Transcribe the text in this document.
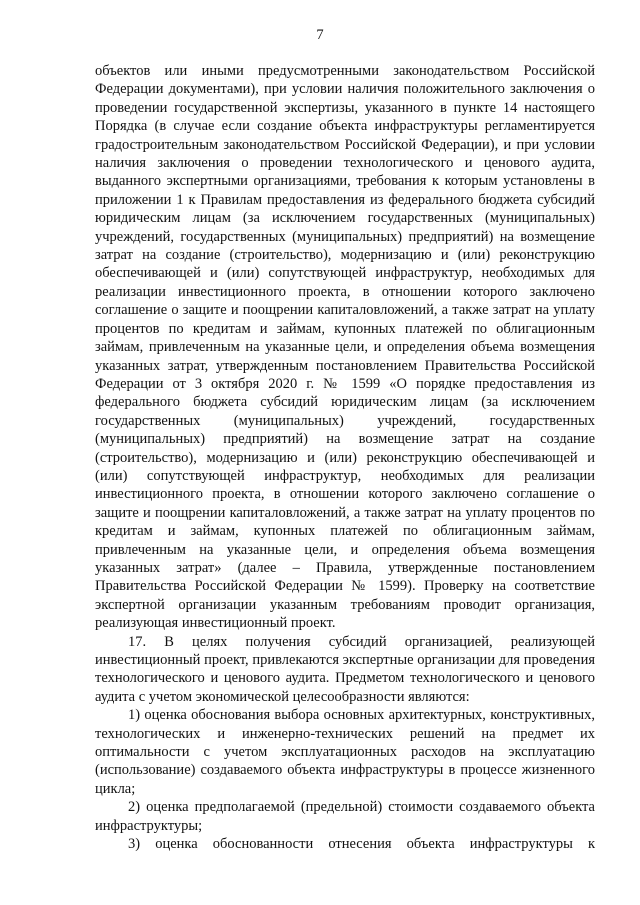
7

объектов или иными предусмотренными законодательством Российской Федерации документами), при условии наличия положительного заключения о проведении государственной экспертизы, указанного в пункте 14 настоящего Порядка (в случае если создание объекта инфраструктуры регламентируется градостроительным законодательством Российской Федерации), и при условии наличия заключения о проведении технологического и ценового аудита, выданного экспертными организациями, требования к которым установлены в приложении 1 к Правилам предоставления из федерального бюджета субсидий юридическим лицам (за исключением государственных (муниципальных) учреждений, государственных (муниципальных) предприятий) на возмещение затрат на создание (строительство), модернизацию и (или) реконструкцию обеспечивающей и (или) сопутствующей инфраструктур, необходимых для реализации инвестиционного проекта, в отношении которого заключено соглашение о защите и поощрении капиталовложений, а также затрат на уплату процентов по кредитам и займам, купонных платежей по облигационным займам, привлеченным на указанные цели, и определения объема возмещения указанных затрат, утвержденным постановлением Правительства Российской Федерации от 3 октября 2020 г. № 1599 «О порядке предоставления из федерального бюджета субсидий юридическим лицам (за исключением государственных (муниципальных) учреждений, государственных (муниципальных) предприятий) на возмещение затрат на создание (строительство), модернизацию и (или) реконструкцию обеспечивающей и (или) сопутствующей инфраструктур, необходимых для реализации инвестиционного проекта, в отношении которого заключено соглашение о защите и поощрении капиталовложений, а также затрат на уплату процентов по кредитам и займам, купонных платежей по облигационным займам, привлеченным на указанные цели, и определения объема возмещения указанных затрат» (далее – Правила, утвержденные постановлением Правительства Российской Федерации № 1599). Проверку на соответствие экспертной организации указанным требованиям проводит организация, реализующая инвестиционный проект.

17. В целях получения субсидий организацией, реализующей инвестиционный проект, привлекаются экспертные организации для проведения технологического и ценового аудита. Предметом технологического и ценового аудита с учетом экономической целесообразности являются:

1) оценка обоснования выбора основных архитектурных, конструктивных, технологических и инженерно-технических решений на предмет их оптимальности с учетом эксплуатационных расходов на эксплуатацию (использование) создаваемого объекта инфраструктуры в процессе жизненного цикла;

2) оценка предполагаемой (предельной) стоимости создаваемого объекта инфраструктуры;

3) оценка обоснованности отнесения объекта инфраструктуры к
